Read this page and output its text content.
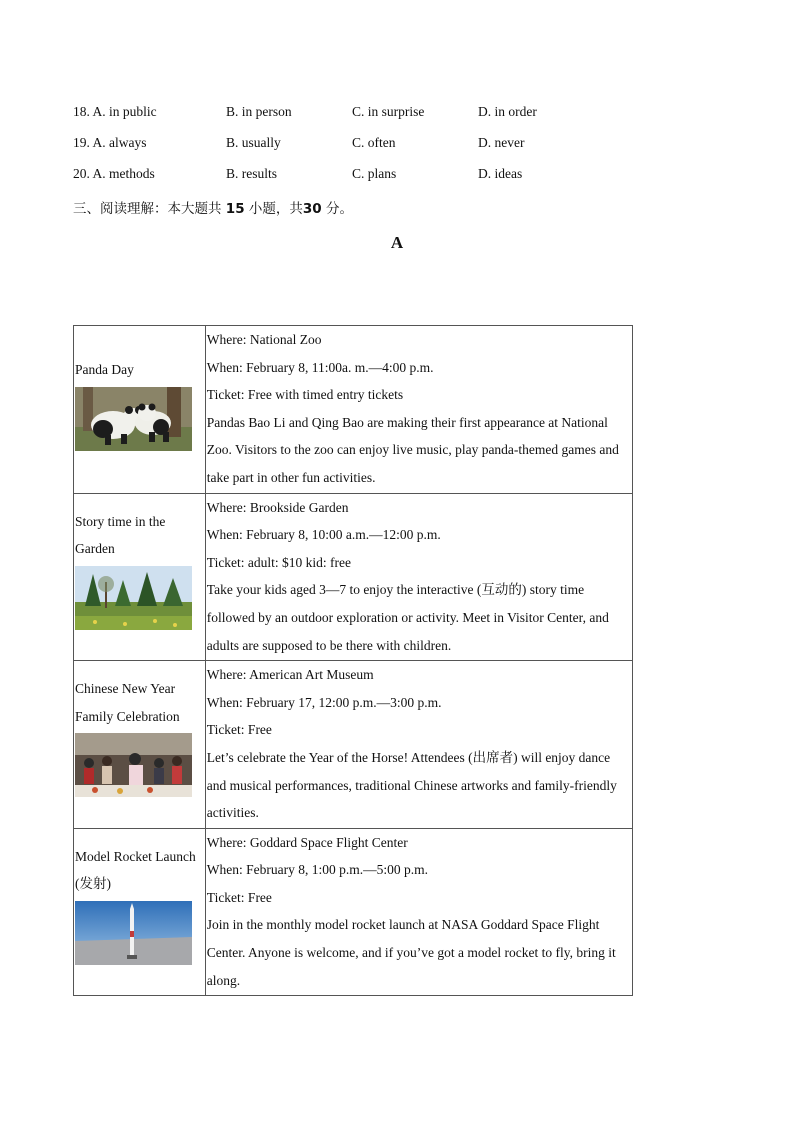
18. A. in public	B. in person	C. in surprise	D. in order
19. A. always	B. usually	C. often	D. never
20. A. methods	B. results	C. plans	D. ideas
三、阅读理解：本大题共 15 小题，共30 分。
A
Panda Day	Where: National Zoo
When: February 8, 11:00a. m.—4:00 p.m.
Ticket: Free with timed entry tickets
Pandas Bao Li and Qing Bao are making their first appearance at National Zoo. Visitors to the zoo can enjoy live music, play panda-themed games and take part in other fun activities.

Story time in the Garden	Where: Brookside Garden
When: February 8, 10:00 a.m.—12:00 p.m.
Ticket: adult: $10 kid: free
Take your kids aged 3—7 to enjoy the interactive (互动的) story time followed by an outdoor exploration or activity. Meet in Visitor Center, and adults are supposed to be there with children.

Chinese New Year Family Celebration	Where: American Art Museum
When: February 17, 12:00 p.m.—3:00 p.m.
Ticket: Free
Let’s celebrate the Year of the Horse! Attendees (出席者) will enjoy dance and musical performances, traditional Chinese artworks and family-friendly activities.

Model Rocket Launch (发射)	Where: Goddard Space Flight Center
When: February 8, 1:00 p.m.—5:00 p.m.
Ticket: Free
Join in the monthly model rocket launch at NASA Goddard Space Flight Center. Anyone is welcome, and if you’ve got a model rocket to fly, bring it along.
